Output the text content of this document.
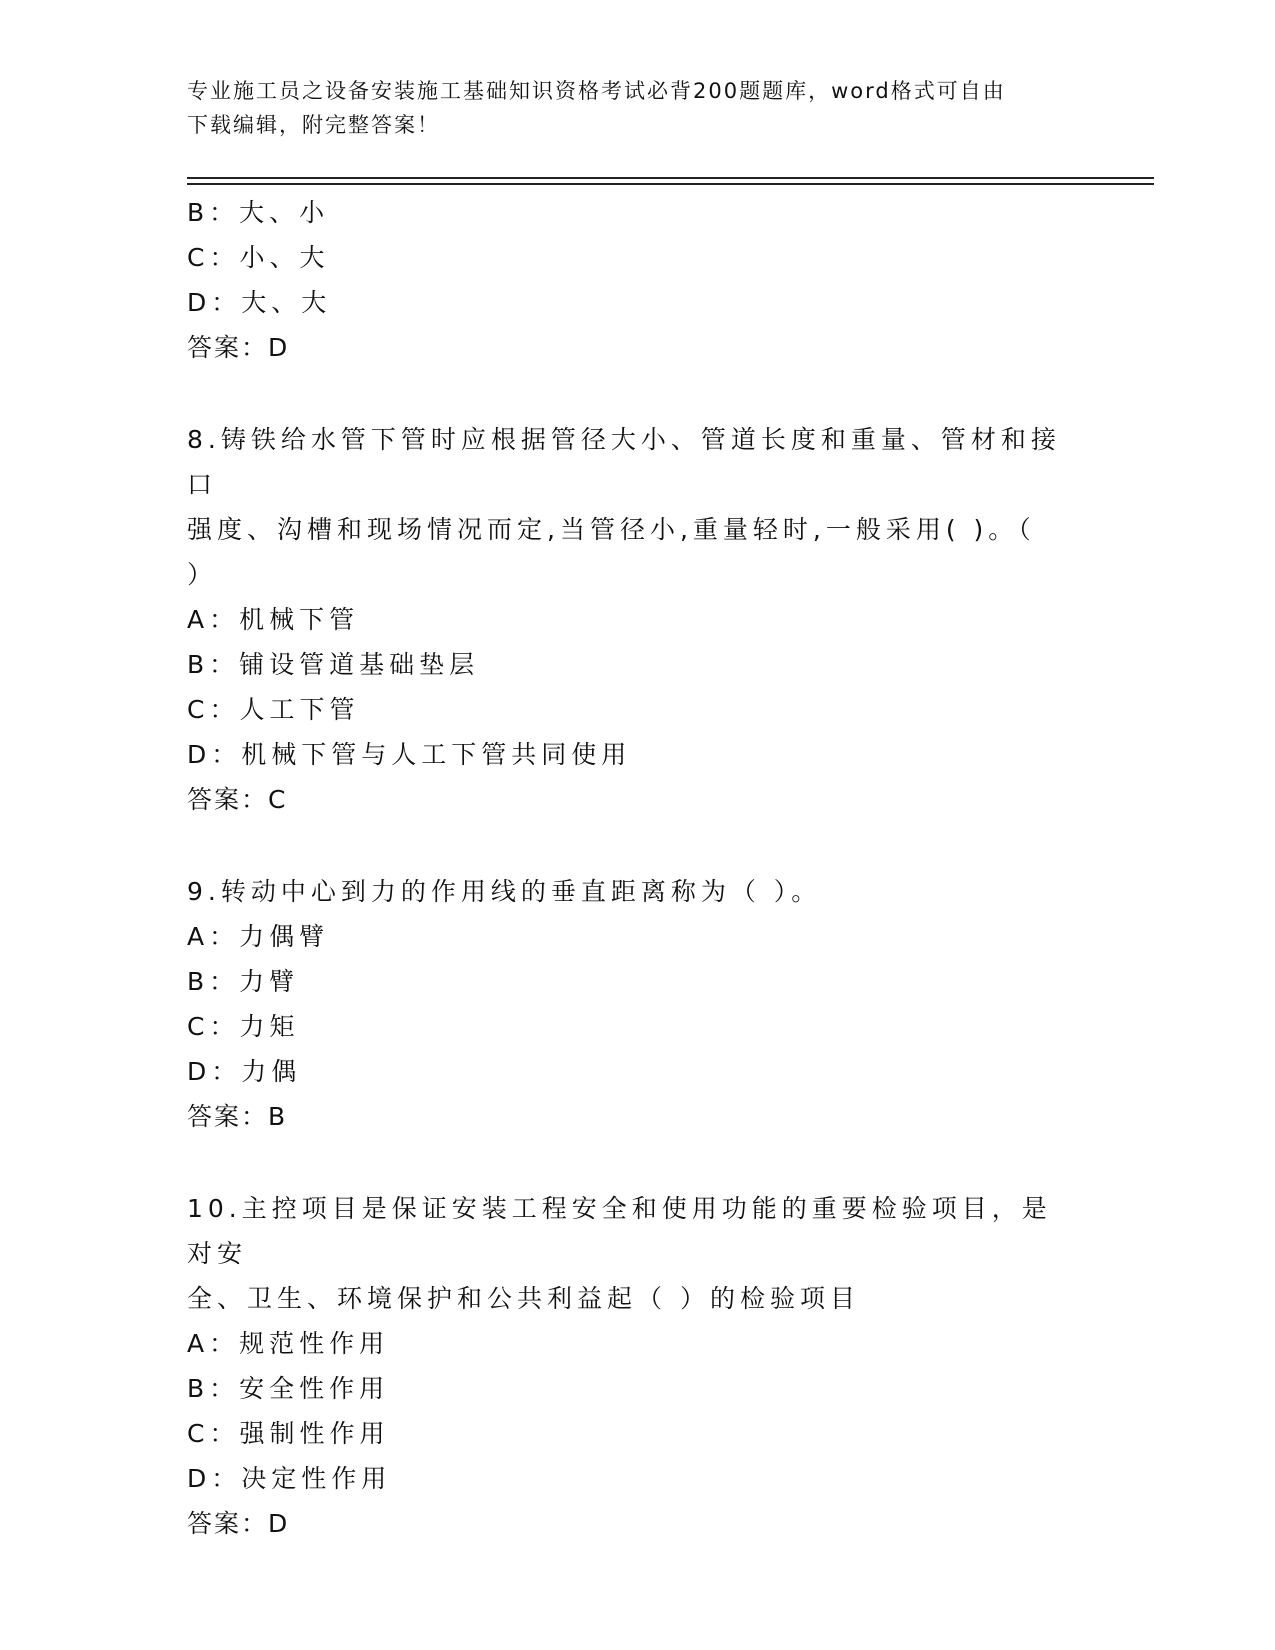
专业施工员之设备安装施工基础知识资格考试必背200题题库，word格式可自由
下载编辑，附完整答案！
B：大、小
C：小、大
D：大、大
答案：D
8.铸铁给水管下管时应根据管径大小、管道长度和重量、管材和接口
强度、沟槽和现场情况而定,当管径小,重量轻时,一般采用( )。（
）
A：机械下管
B：铺设管道基础垫层
C：人工下管
D：机械下管与人工下管共同使用
答案：C
9.转动中心到力的作用线的垂直距离称为（ ）。
A：力偶臂
B：力臂
C：力矩
D：力偶
答案：B
10.主控项目是保证安装工程安全和使用功能的重要检验项目，是对安
全、卫生、环境保护和公共利益起（ ）的检验项目
A：规范性作用
B：安全性作用
C：强制性作用
D：决定性作用
答案：D
